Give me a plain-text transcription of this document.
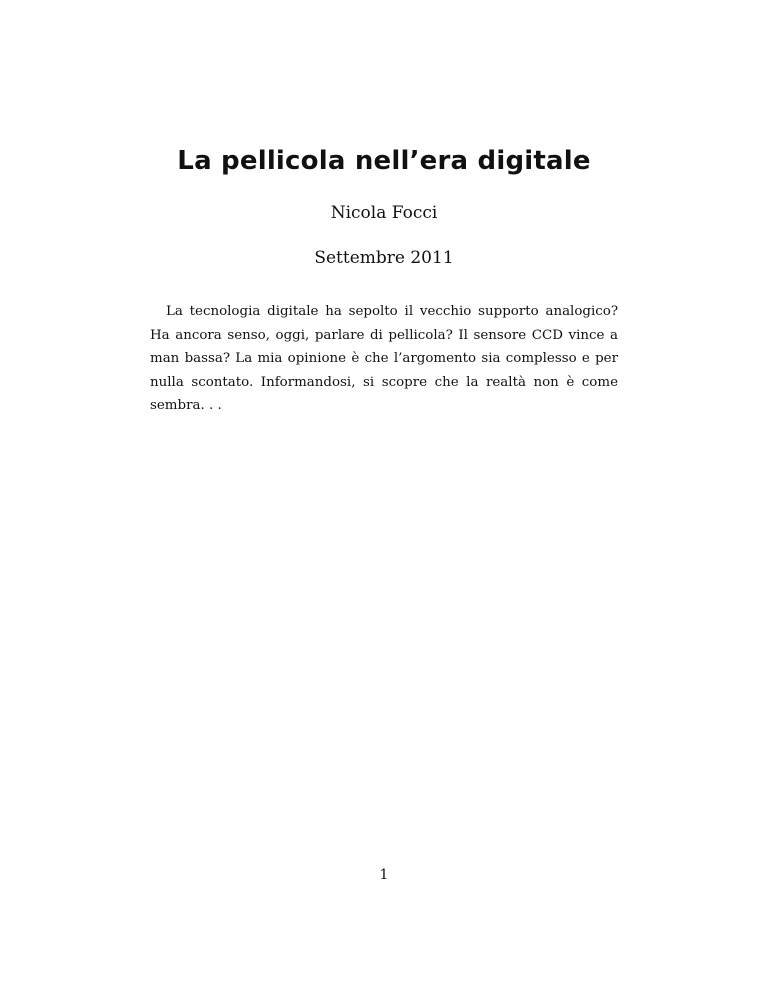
La pellicola nell’era digitale

Nicola Focci

Settembre 2011

La tecnologia digitale ha sepolto il vecchio supporto analogico? Ha ancora senso, oggi, parlare di pellicola? Il sensore CCD vince a man bassa? La mia opinione è che l’argomento sia complesso e per nulla scontato. Informandosi, si scopre che la realtà non è come sembra. . .

1
